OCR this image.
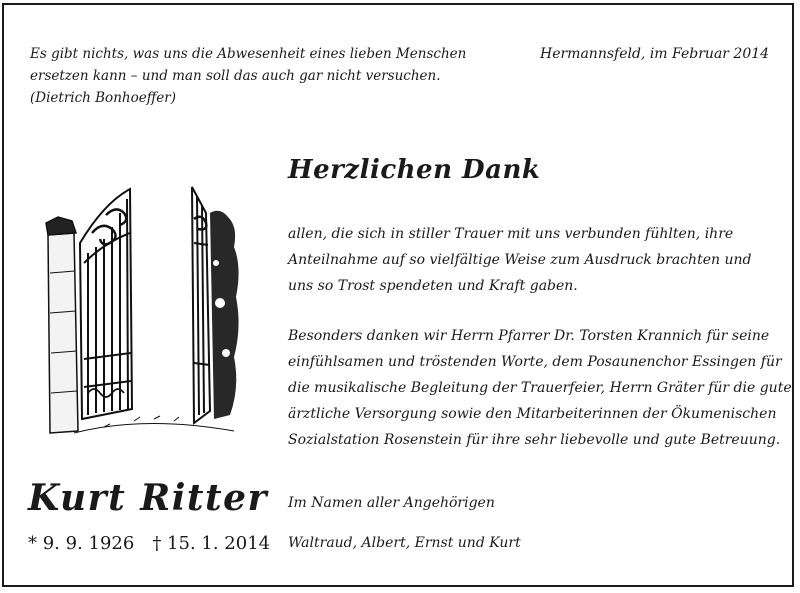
Es gibt nichts, was uns die Abwesenheit eines lieben Menschen
ersetzen kann – und man soll das auch gar nicht versuchen.
(Dietrich Bonhoeffer)
Hermannsfeld, im Februar 2014
Herzlichen Dank
allen, die sich in stiller Trauer mit uns verbunden fühlten, ihre
Anteilnahme auf so vielfältige Weise zum Ausdruck brachten und
uns so Trost spendeten und Kraft gaben.
Besonders danken wir Herrn Pfarrer Dr. Torsten Krannich für seine
einfühlsamen und tröstenden Worte, dem Posaunenchor Essingen für
die musikalische Begleitung der Trauerfeier, Herrn Gräter für die gute
ärztliche Versorgung sowie den Mitarbeiterinnen der Ökumenischen
Sozialstation Rosenstein für ihre sehr liebevolle und gute Betreuung.
Kurt Ritter
* 9. 9. 1926 † 15. 1. 2014
Im Namen aller Angehörigen
Waltraud, Albert, Ernst und Kurt
